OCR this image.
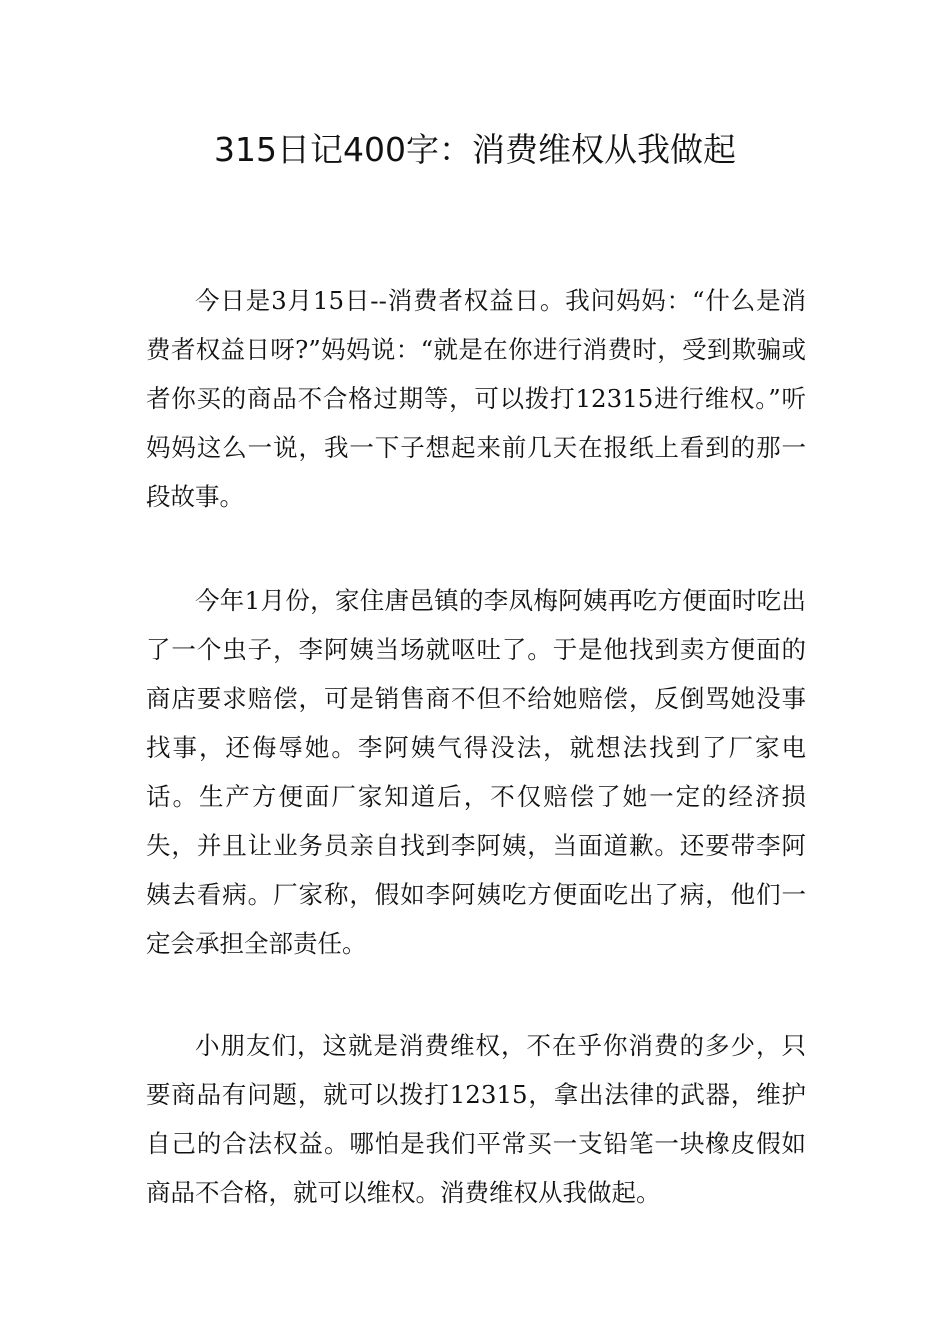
315日记400字：消费维权从我做起

今日是3月15日--消费者权益日。我问妈妈：“什么是消费者权益日呀?”妈妈说：“就是在你进行消费时，受到欺骗或者你买的商品不合格过期等，可以拨打12315进行维权。”听妈妈这么一说，我一下子想起来前几天在报纸上看到的那一段故事。

今年1月份，家住唐邑镇的李凤梅阿姨再吃方便面时吃出了一个虫子，李阿姨当场就呕吐了。于是他找到卖方便面的商店要求赔偿，可是销售商不但不给她赔偿，反倒骂她没事找事，还侮辱她。李阿姨气得没法，就想法找到了厂家电话。生产方便面厂家知道后，不仅赔偿了她一定的经济损失，并且让业务员亲自找到李阿姨，当面道歉。还要带李阿姨去看病。厂家称，假如李阿姨吃方便面吃出了病，他们一定会承担全部责任。

小朋友们，这就是消费维权，不在乎你消费的多少，只要商品有问题，就可以拨打12315，拿出法律的武器，维护自己的合法权益。哪怕是我们平常买一支铅笔一块橡皮假如商品不合格，就可以维权。消费维权从我做起。
